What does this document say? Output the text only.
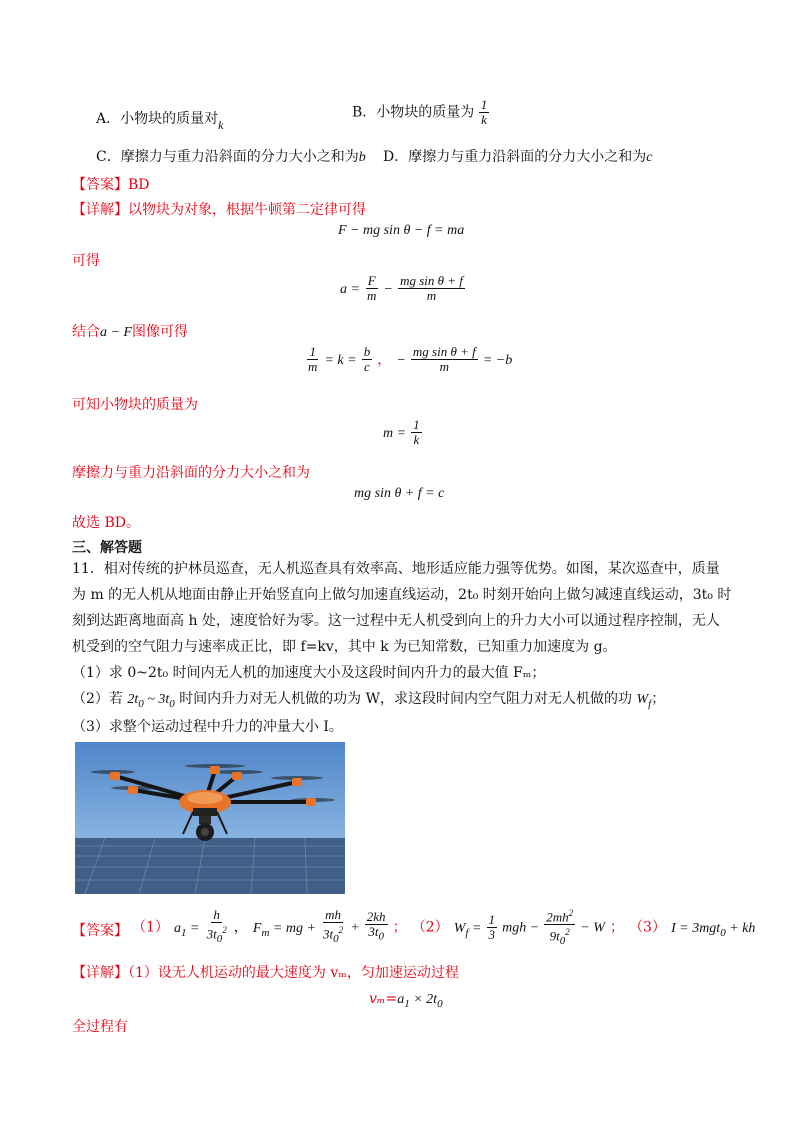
A．小物块的质量对k
B．小物块的质量为 $\frac{1}{k}$
C．摩擦力与重力沿斜面的分力大小之和为b D．摩擦力与重力沿斜面的分力大小之和为c
【答案】BD
【详解】以物块为对象，根据牛顿第二定律可得
F − mg sin θ − f = ma
可得
$a = \frac{F}{m} - \frac{\text{mg sin θ + f}}{m}$
结合a − F图像可得
$\frac{1}{m} = k = \frac{b}{c}$ ， − $\frac{\text{mg sin θ + f}}{m} = -b$
可知小物块的质量为
$m = \frac{1}{k}$
摩擦力与重力沿斜面的分力大小之和为
mg sin θ + f = c
故选 BD。
三、解答题
11．相对传统的护林员巡查，无人机巡查具有效率高、地形适应能力强等优势。如图，某次巡查中，质量
为 m 的无人机从地面由静止开始竖直向上做匀加速直线运动，2t₀ 时刻开始向上做匀减速直线运动，3t₀ 时
刻到达距离地面高 h 处，速度恰好为零。这一过程中无人机受到向上的升力大小可以通过程序控制，无人
机受到的空气阻力与速率成正比，即 f=kv，其中 k 为已知常数，已知重力加速度为 g。
（1）求 0~2t₀ 时间内无人机的加速度大小及这段时间内升力的最大值 Fₘ；
（2）若 $2t_0$ ~ $3t_0$ 时间内升力对无人机做的功为 W，求这段时间内空气阻力对无人机做的功 $W_f$；
（3）求整个运动过程中升力的冲量大小 I。
【答案】 （1） $a_1 = \frac{h}{3t_0^2}$ ， $F_m$ = mg + $\frac{mh}{3t_0^2} + \frac{2kh}{3t_0}$ ； （2） $W_f = \frac{1}{3}$ mgh − $\frac{2mh^2}{9t_0^2} - W$ ； （3） I = 3mgt$_0$ + kh
【详解】（1）设无人机运动的最大速度为 vₘ，匀加速运动过程
$v_m=a_1 \times 2t_0$
全过程有
